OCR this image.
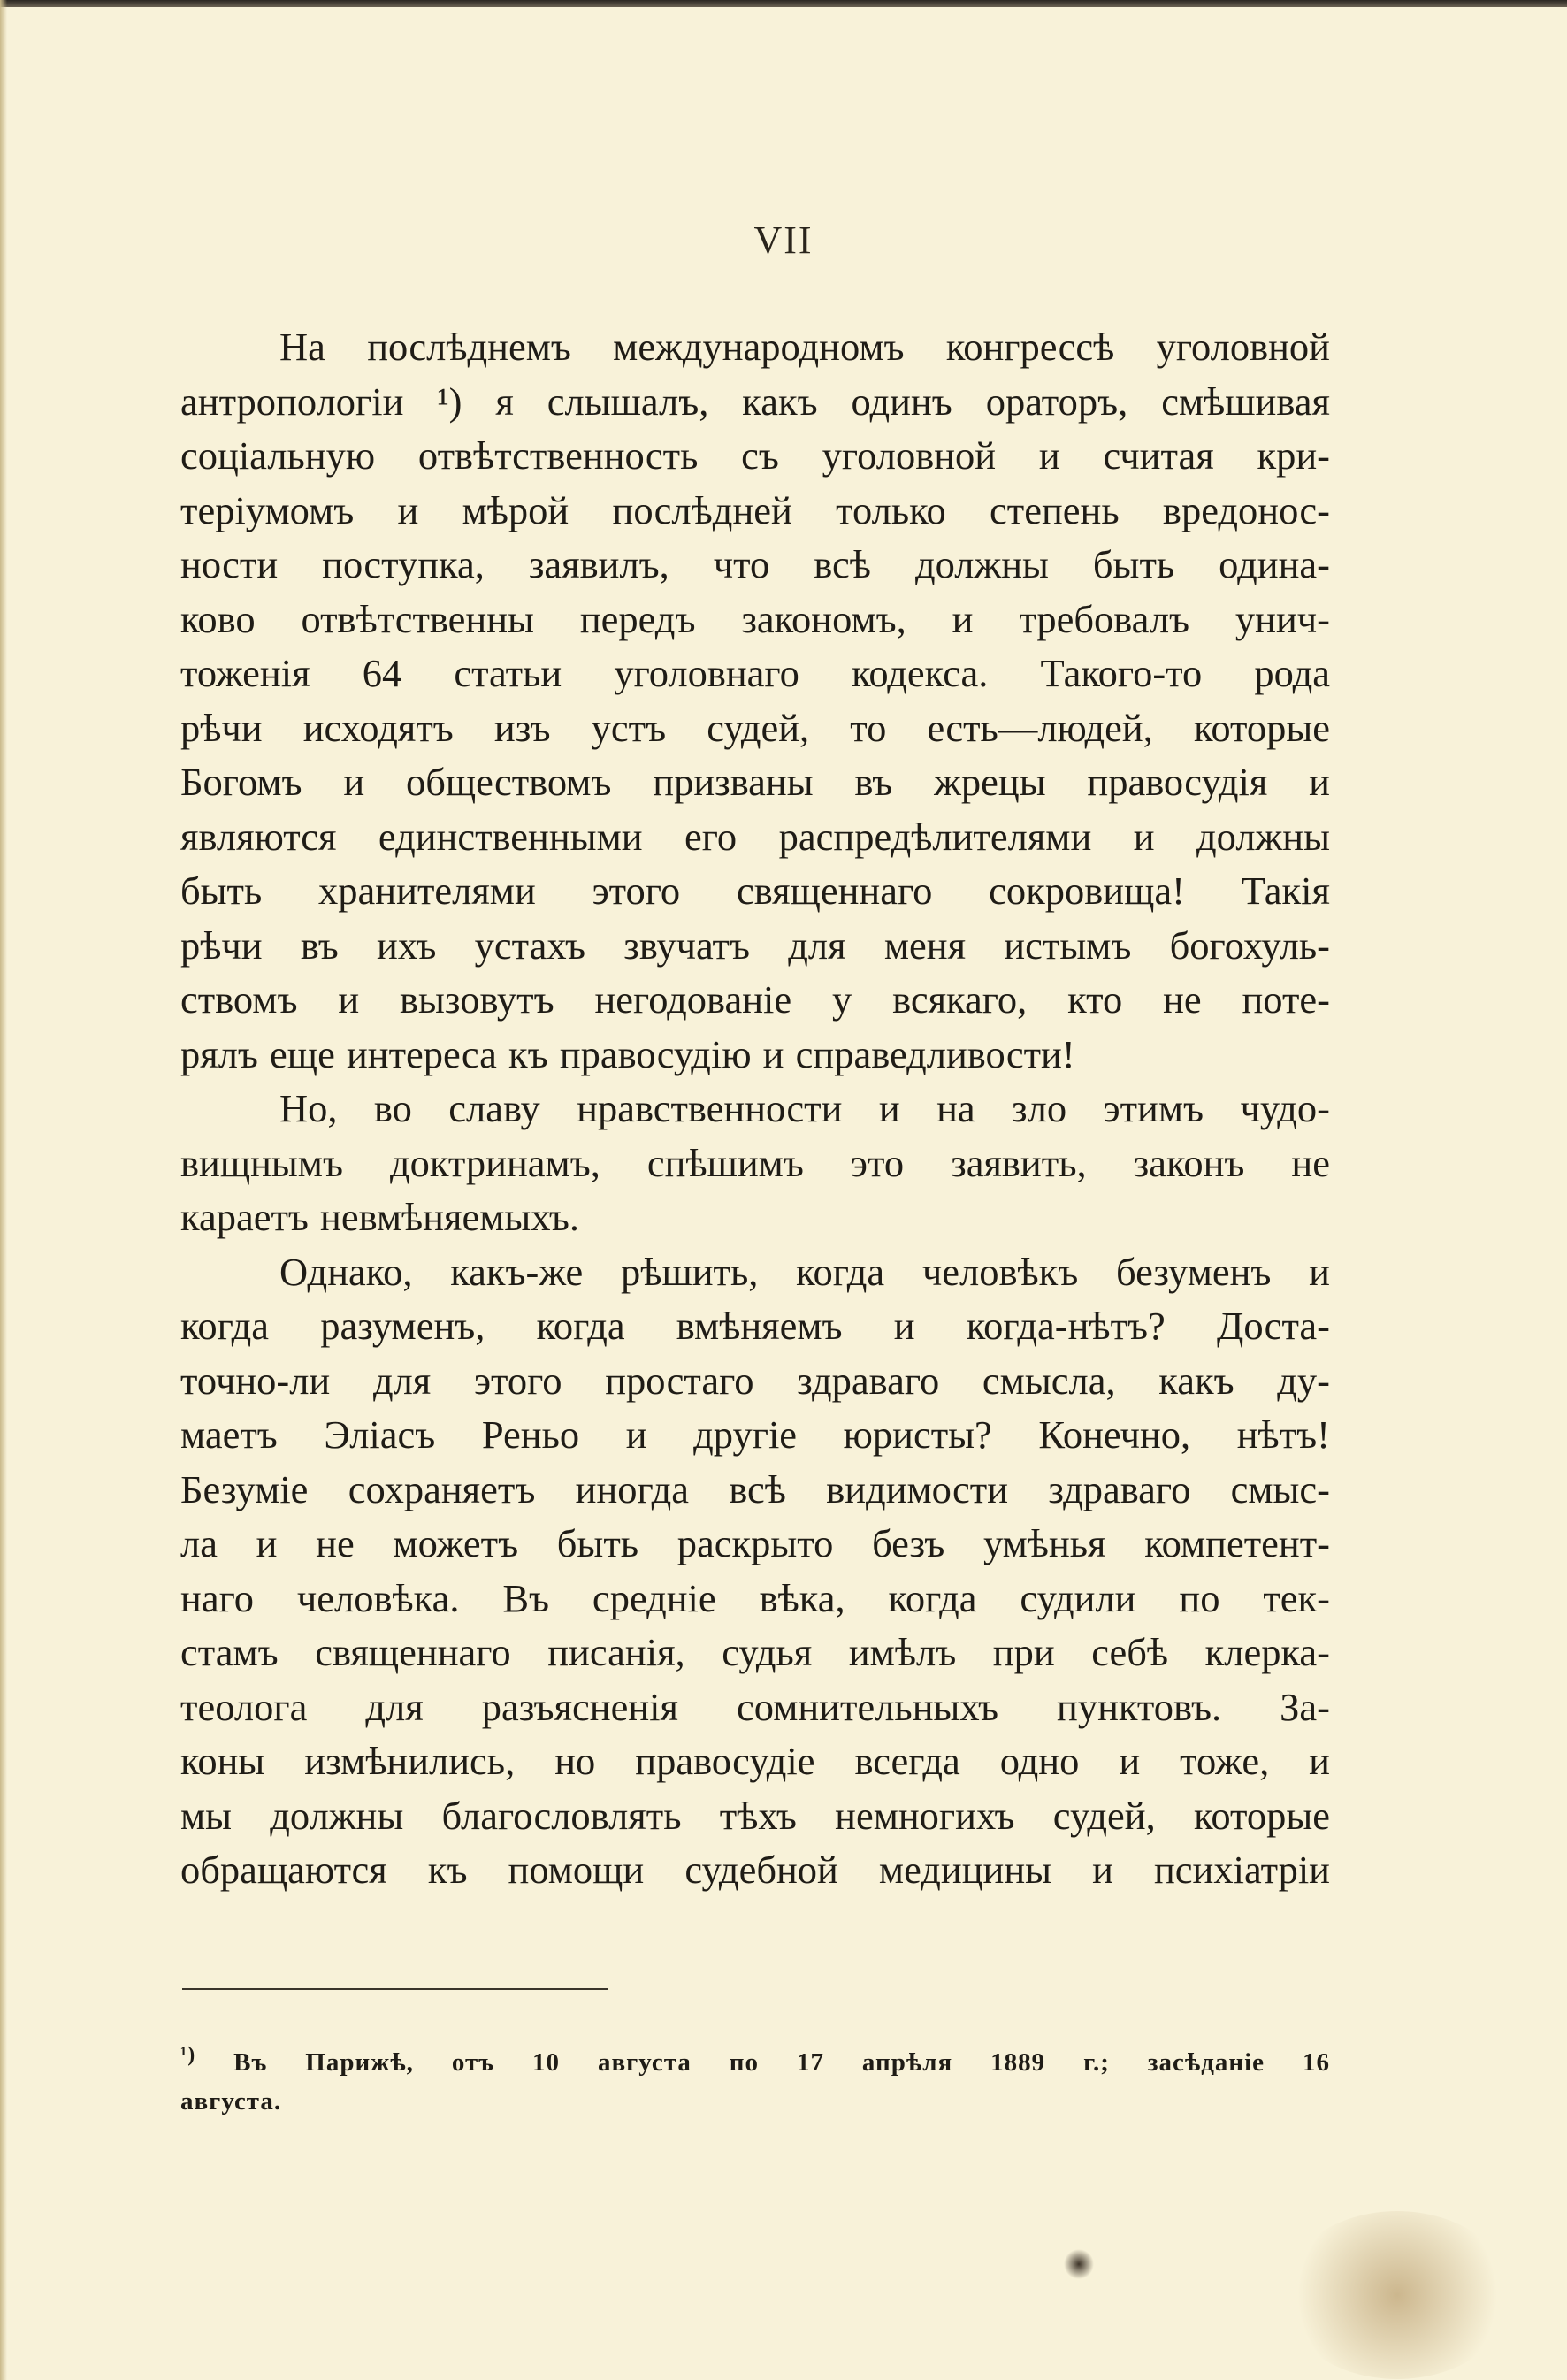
VII
На послѣднемъ международномъ конгрессѣ уголовной
антропологіи ¹) я слышалъ, какъ одинъ ораторъ, смѣшивая
соціальную отвѣтственность съ уголовной и считая кри-
теріумомъ и мѣрой послѣдней только степень вредонос-
ности поступка, заявилъ, что всѣ должны быть одина-
ково отвѣтственны передъ закономъ, и требовалъ унич-
тоженія 64 статьи уголовнаго кодекса. Такого-то рода
рѣчи исходятъ изъ устъ судей, то есть—людей, которые
Богомъ и обществомъ призваны въ жрецы правосудія и
являются единственными его распредѣлителями и должны
быть хранителями этого священнаго сокровища! Такія
рѣчи въ ихъ устахъ звучатъ для меня истымъ богохуль-
ствомъ и вызовутъ негодованіе у всякаго, кто не поте-
рялъ еще интереса къ правосудію и справедливости!
Но, во славу нравственности и на зло этимъ чудо-
вищнымъ доктринамъ, спѣшимъ это заявить, законъ не
караетъ невмѣняемыхъ.
Однако, какъ-же рѣшить, когда человѣкъ безуменъ и
когда разуменъ, когда вмѣняемъ и когда-нѣтъ? Доста-
точно-ли для этого простаго здраваго смысла, какъ ду-
маетъ Эліасъ Реньо и другіе юристы? Конечно, нѣтъ!
Безуміе сохраняетъ иногда всѣ видимости здраваго смыс-
ла и не можетъ быть раскрыто безъ умѣнья компетент-
наго человѣка. Въ средніе вѣка, когда судили по тек-
стамъ священнаго писанія, судья имѣлъ при себѣ клерка-
теолога для разъясненія сомнительныхъ пунктовъ. За-
коны измѣнились, но правосудіе всегда одно и тоже, и
мы должны благословлять тѣхъ немногихъ судей, которые
обращаются къ помощи судебной медицины и психіатріи
$^{^1)}$ Въ Парижѣ, отъ 10 августа по 17 апрѣля 1889 г.; засѣданіе 16
августа.
